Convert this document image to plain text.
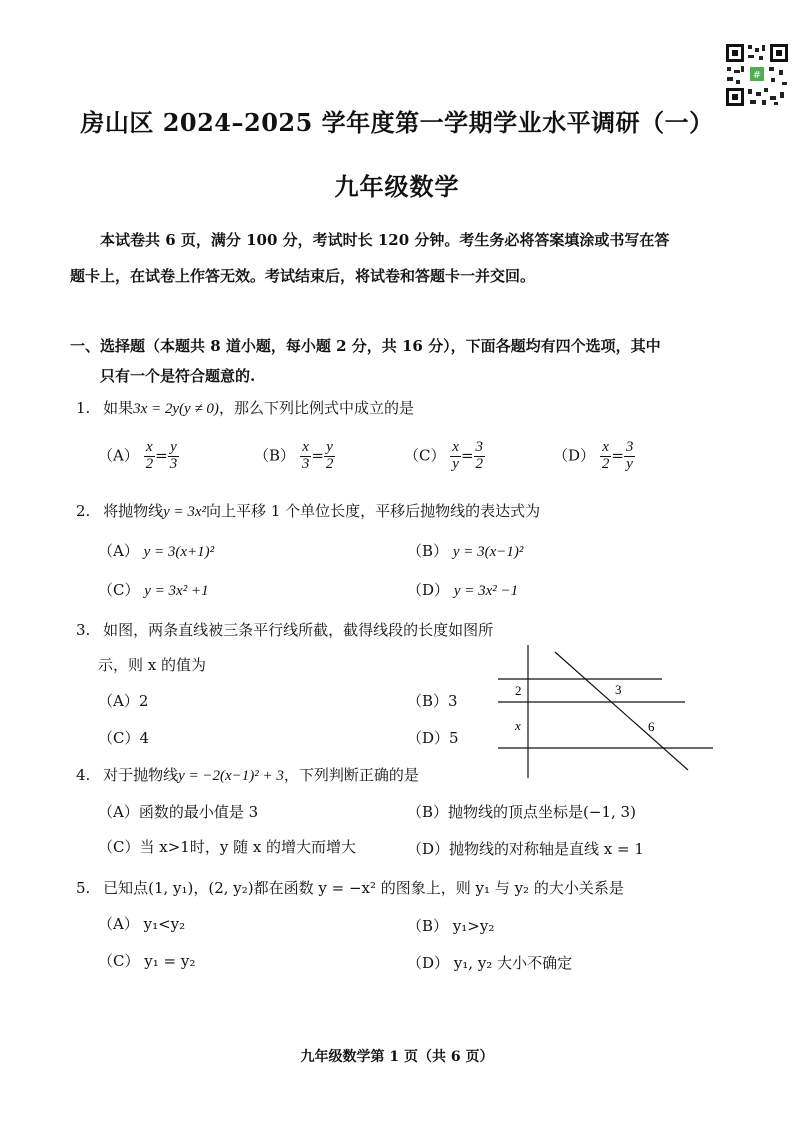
#
房山区 2024–2025 学年度第一学期学业水平调研（一）
九年级数学
本试卷共 6 页，满分 100 分，考试时长 120 分钟。考生务必将答案填涂或书写在答
题卡上，在试卷上作答无效。考试结束后，将试卷和答题卡一并交回。
一、选择题（本题共 8 道小题，每小题 2 分，共 16 分），下面各题均有四个选项，其中
只有一个是符合题意的.
1. 如果3x = 2y(y ≠ 0)，那么下列比例式中成立的是
$(A) \frac{x}{2} = \frac{y}{3}$	$(B) \frac{x}{3} = \frac{y}{2}$	$(C) \frac{x}{y} = \frac{3}{2}$	$(D) \frac{x}{2} = \frac{3}{y}$
2. 将抛物线y = 3x²向上平移 1 个单位长度，平移后抛物线的表达式为
（A） y = 3(x+1)²	（B） y = 3(x−1)²
（C） y = 3x² +1	（D） y = 3x² −1
3. 如图，两条直线被三条平行线所截，截得线段的长度如图所
示，则 x 的值为
（A）2	（B）3
（C）4	（D）5
2	3
x	6
4. 对于抛物线y = −2(x−1)² + 3，下列判断正确的是
（A）函数的最小值是 3	（B）抛物线的顶点坐标是(−1, 3)
（C）当 x>1时，y 随 x 的增大而增大	（D）抛物线的对称轴是直线 x = 1
5. 已知点(1, y₁)，(2, y₂)都在函数 y = −x² 的图象上，则 y₁ 与 y₂ 的大小关系是
（A） y₁<y₂	（B） y₁>y₂
（C） y₁ = y₂	（D） y₁, y₂ 大小不确定
九年级数学第 1 页（共 6 页）
